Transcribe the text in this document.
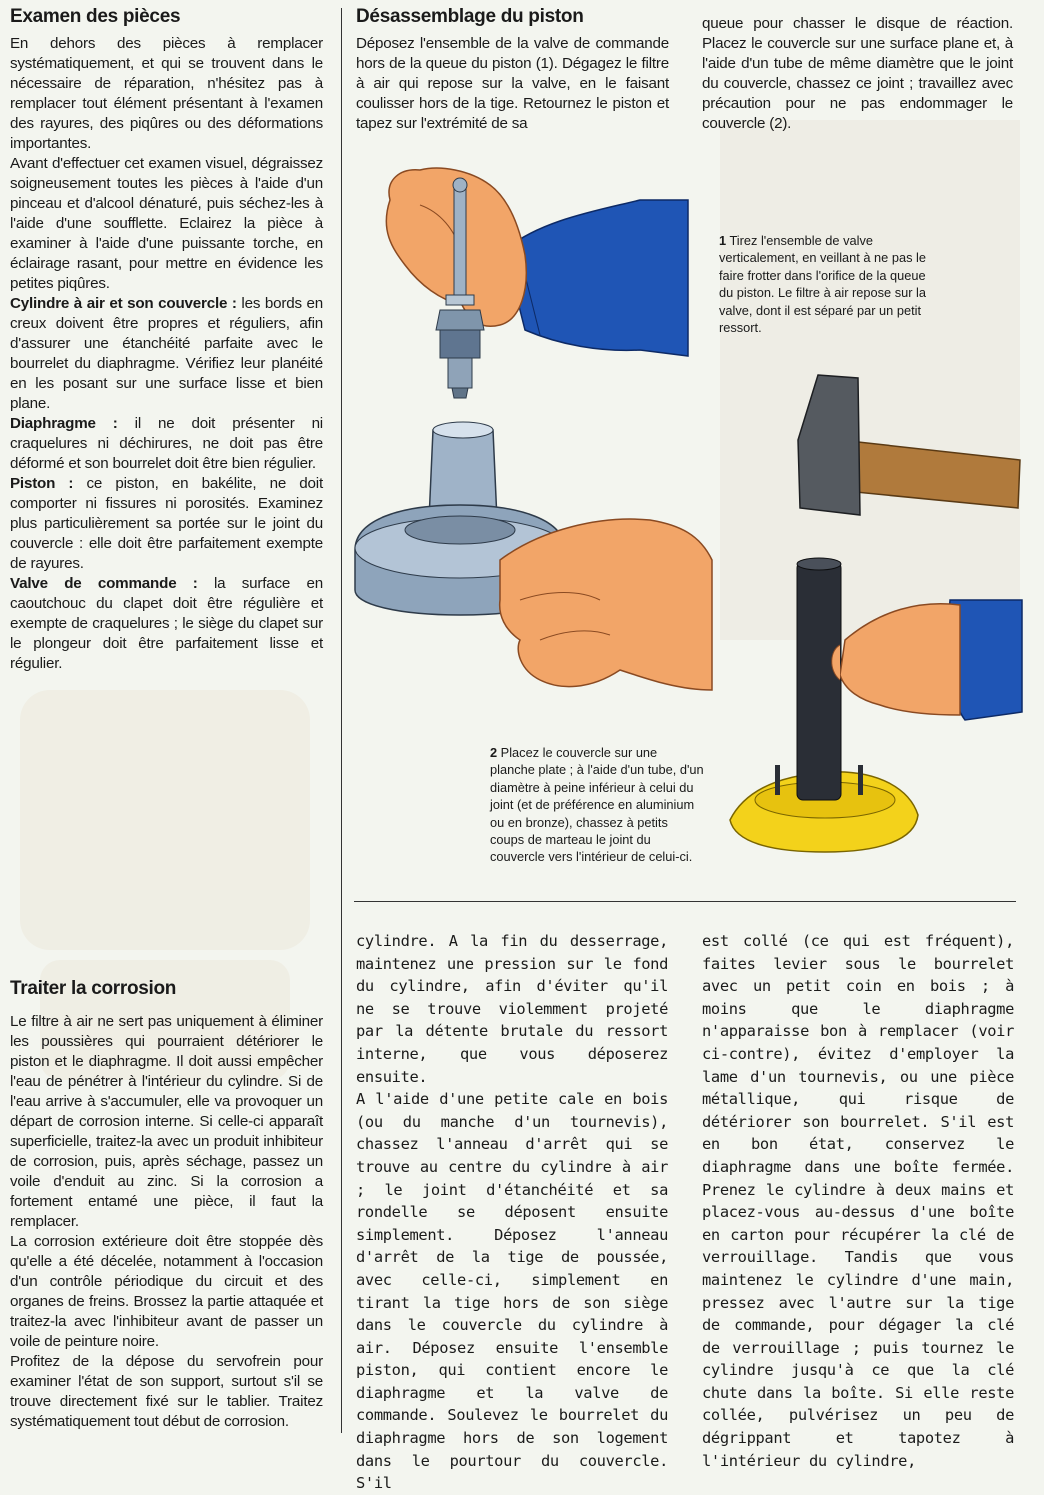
Examen des pièces

En dehors des pièces à remplacer systématiquement, et qui se trouvent dans le nécessaire de réparation, n'hésitez pas à remplacer tout élément présentant à l'examen des rayures, des piqûres ou des déformations importantes.

Avant d'effectuer cet examen visuel, dégraissez soigneusement toutes les pièces à l'aide d'un pinceau et d'alcool dénaturé, puis séchez-les à l'aide d'une soufflette. Eclairez la pièce à examiner à l'aide d'une puissante torche, en éclairage rasant, pour mettre en évidence les petites piqûres.

Cylindre à air et son couvercle : les bords en creux doivent être propres et réguliers, afin d'assurer une étanchéité parfaite avec le bourrelet du diaphragme. Vérifiez leur planéité en les posant sur une surface lisse et bien plane.

Diaphragme : il ne doit présenter ni craquelures ni déchirures, ne doit pas être déformé et son bourrelet doit être bien régulier.

Piston : ce piston, en bakélite, ne doit comporter ni fissures ni porosités. Examinez plus particulièrement sa portée sur le joint du couvercle : elle doit être parfaitement exempte de rayures.

Valve de commande : la surface en caoutchouc du clapet doit être régulière et exempte de craquelures ; le siège du clapet sur le plongeur doit être parfaitement lisse et régulier.

Traiter la corrosion

Le filtre à air ne sert pas uniquement à éliminer les poussières qui pourraient détériorer le piston et le diaphragme. Il doit aussi empêcher l'eau de pénétrer à l'intérieur du cylindre. Si de l'eau arrive à s'accumuler, elle va provoquer un départ de corrosion interne. Si celle-ci apparaît superficielle, traitez-la avec un produit inhibiteur de corrosion, puis, après séchage, passez un voile d'enduit au zinc. Si la corrosion a fortement entamé une pièce, il faut la remplacer.

La corrosion extérieure doit être stoppée dès qu'elle a été décelée, notamment à l'occasion d'un contrôle périodique du circuit et des organes de freins. Brossez la partie attaquée et traitez-la avec l'inhibiteur avant de passer un voile de peinture noire.

Profitez de la dépose du servofrein pour examiner l'état de son support, surtout s'il se trouve directement fixé sur le tablier. Traitez systématiquement tout début de corrosion.

Désassemblage du piston

Déposez l'ensemble de la valve de commande hors de la queue du piston (1). Dégagez le filtre à air qui repose sur la valve, en le faisant coulisser hors de la tige. Retournez le piston et tapez sur l'extrémité de sa

queue pour chasser le disque de réaction. Placez le couvercle sur une surface plane et, à l'aide d'un tube de même diamètre que le joint du couvercle, chassez ce joint ; travaillez avec précaution pour ne pas endommager le couvercle (2).

1 Tirez l'ensemble de valve verticalement, en veillant à ne pas le faire frotter dans l'orifice de la queue du piston. Le filtre à air repose sur la valve, dont il est séparé par un petit ressort.
2 Placez le couvercle sur une planche plate ; à l'aide d'un tube, d'un diamètre à peine inférieur à celui du joint (et de préférence en aluminium ou en bronze), chassez à petits coups de marteau le joint du couvercle vers l'intérieur de celui-ci.

cylindre. A la fin du desserrage, maintenez une pression sur le fond du cylindre, afin d'éviter qu'il ne se trouve violemment projeté par la détente brutale du ressort interne, que vous déposerez ensuite.

A l'aide d'une petite cale en bois (ou du manche d'un tournevis), chassez l'anneau d'arrêt qui se trouve au centre du cylindre à air ; le joint d'étanchéité et sa rondelle se déposent ensuite simplement. Déposez l'anneau d'arrêt de la tige de poussée, avec celle-ci, simplement en tirant la tige hors de son siège dans le couvercle du cylindre à air. Déposez ensuite l'ensemble piston, qui contient encore le diaphragme et la valve de commande. Soulevez le bourrelet du diaphragme hors de son logement dans le pourtour du couvercle. S'il

est collé (ce qui est fréquent), faites levier sous le bourrelet avec un petit coin en bois ; à moins que le diaphragme n'apparaisse bon à remplacer (voir ci-contre), évitez d'employer la lame d'un tournevis, ou une pièce métallique, qui risque de détériorer son bourrelet. S'il est en bon état, conservez le diaphragme dans une boîte fermée. Prenez le cylindre à deux mains et placez-vous au-dessus d'une boîte en carton pour récupérer la clé de verrouillage. Tandis que vous maintenez le cylindre d'une main, pressez avec l'autre sur la tige de commande, pour dégager la clé de verrouillage ; puis tournez le cylindre jusqu'à ce que la clé chute dans la boîte. Si elle reste collée, pulvérisez un peu de dégrippant et tapotez à l'intérieur du cylindre,
